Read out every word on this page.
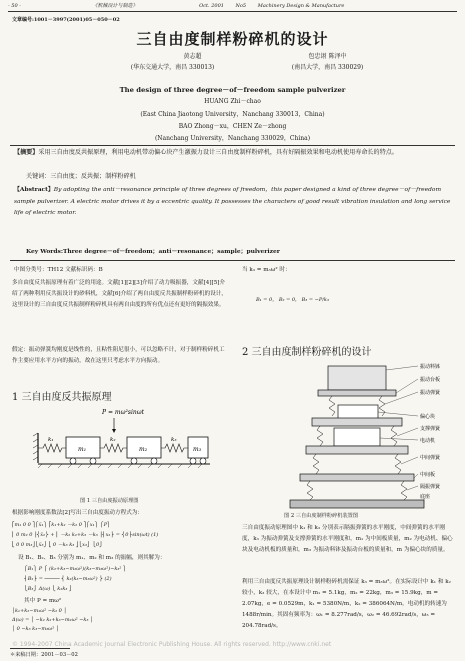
- 50 -	《机械设计与制造》	Oct. 2001 No5 Machinery Design & Manufacture
文章编号:1001－3997(2001)05－050－02
三自由度制样粉碎机的设计
黄志超	包忠诩 陈泽中
(华东交通大学，南昌 330013)	(南昌大学，南昌 330029)
The design of three degree－of－freedom sample pulverizer
HUANG Zhi－chao
(East China Jiaotong University，Nanchang 330013，China)
BAO Zhong－xu，CHEN Ze－zhong
(Nanchang University，Nanchang 330029，China)
【摘要】采用三自由度反共振原理，利用电动机带动偏心块产生激振力设计三自由度制样粉碎机，具有好隔振效果和电动机使用寿命长的特点。
关键词：三自由度；反共振；制样粉碎机
【Abstract】By adopting the anti－resonance principle of three degrees of freedom，this paper designed a kind of three degree－of－freedom sample pulverizer. A electric motor drives it by a eccentric quality. It possesses the characters of good result vibration insulation and long service life of electric motor.
Key Words:Three degree－of－freedom；anti－resonance；sample；pulverizer
中图分类号：TH12 文献标识码：B
多自由度反共振原理有着广泛的用途。文献[1][2][3]介绍了动力吸振器，文献[4][5]介绍了两种利用反共振设计的砂料机，文献[6]介绍了两自由度反共振制样粉碎机的设计，这里设计的三自由度反共振制样粉碎机具有两自由度的所有优点还有更好的隔振效果。
假定：振动弹簧均刚度是线性的，且粘性阻尼很小，可以忽略不计，对于制样粉碎机工作主要应用水平方向的振动，故在这里只考虑水平方向振动。
1 三自由度反共振原理
P = mω²sinωt
k₁
m₁
k₂
m₂
k₃
m₃
图 1 三自由度振动原理图
根据影响刚度系数法[2]写出三自由度振动方程式为：
⎡m₁ 0 0 ⎤⎧ẍ₁⎫ ⎡k₁+k₂ －k₂ 0 ⎤⎧x₁⎫ ⎧P⎫
⎢ 0 m₂ 0 ⎥⎨ẍ₂⎬ + ⎢ －k₂ k₂+k₃ －k₃ ⎥⎨x₂⎬ = ⎨0⎬sin(ωt) (1)
⎣ 0 0 m₃⎦⎩ẍ₃⎭ ⎣ 0 －k₃ k₃ ⎦⎩x₃⎭ ⎩0⎭
设 B₁、B₂、B₃ 分别为 m₁、m₂ 和 m₃ 的振幅，则其解为：
⎧B₁⎫ P ⎧ (k₂+k₃−m₂ω²)(k₃−m₃ω²)−k₃² ⎫
⎨B₂⎬ = ───── ⎨ k₂(k₃−m₃ω²) ⎬ (2)
⎩B₃⎭ Δ(ω) ⎩ k₂k₃ ⎭
其中 P = mω²
│k₁+k₂−m₁ω² −k₂ 0 │
Δ(ω) = │ −k₂ k₂+k₃−m₂ω² −k₃ │
│ 0 −k₃ k₃−m₃ω² │
当 k₃ = m₃ω² 时：
B₁ = 0， B₂ = 0， B₃ = −P/k₃
2 三自由度制样粉碎机的设计
振动料钵
振动台板
振动弹簧
偏心块
支撑弹簧
电动机
中间弹簧
中间板
隔振弹簧
底座
图 2 三自由度制样粉碎机装置图
三自由度振动原理图中 k₁ 和 k₃ 分别表示隔振弹簧的水平刚度，中间弹簧的水平刚度，k₃ 为振动弹簧及支撑弹簧的水平刚度和，m₁ 为中间板质量，m₂ 为电动机、偏心块及电动机板的质量和，m₃ 为振动料钵及振动台板的质量和，m 为偏心块的质量。
利用三自由度反共振原理设计制样粉碎机需保证 k₃ = m₃ω²。在实际设计中 k₁ 和 k₂ 较小，k₃ 较大，在本设计中 m₁ = 5.1kg，m₂ = 22kg，m₃ = 15.9kg，m = 2.07kg，e = 0.0529m，k₁ = 5380N/m，k₂ = 386064N/m，电动机的转速为1488r/min。其固有频率为：ω₁ = 8.277rad/s，ω₂ = 46.692rad/s，ω₃ = 204.78rad/s。
© 1994-2007 China Academic Journal Electronic Publishing House. All rights reserved. http://www.cnki.net
＊来稿日期：2001－03－02
